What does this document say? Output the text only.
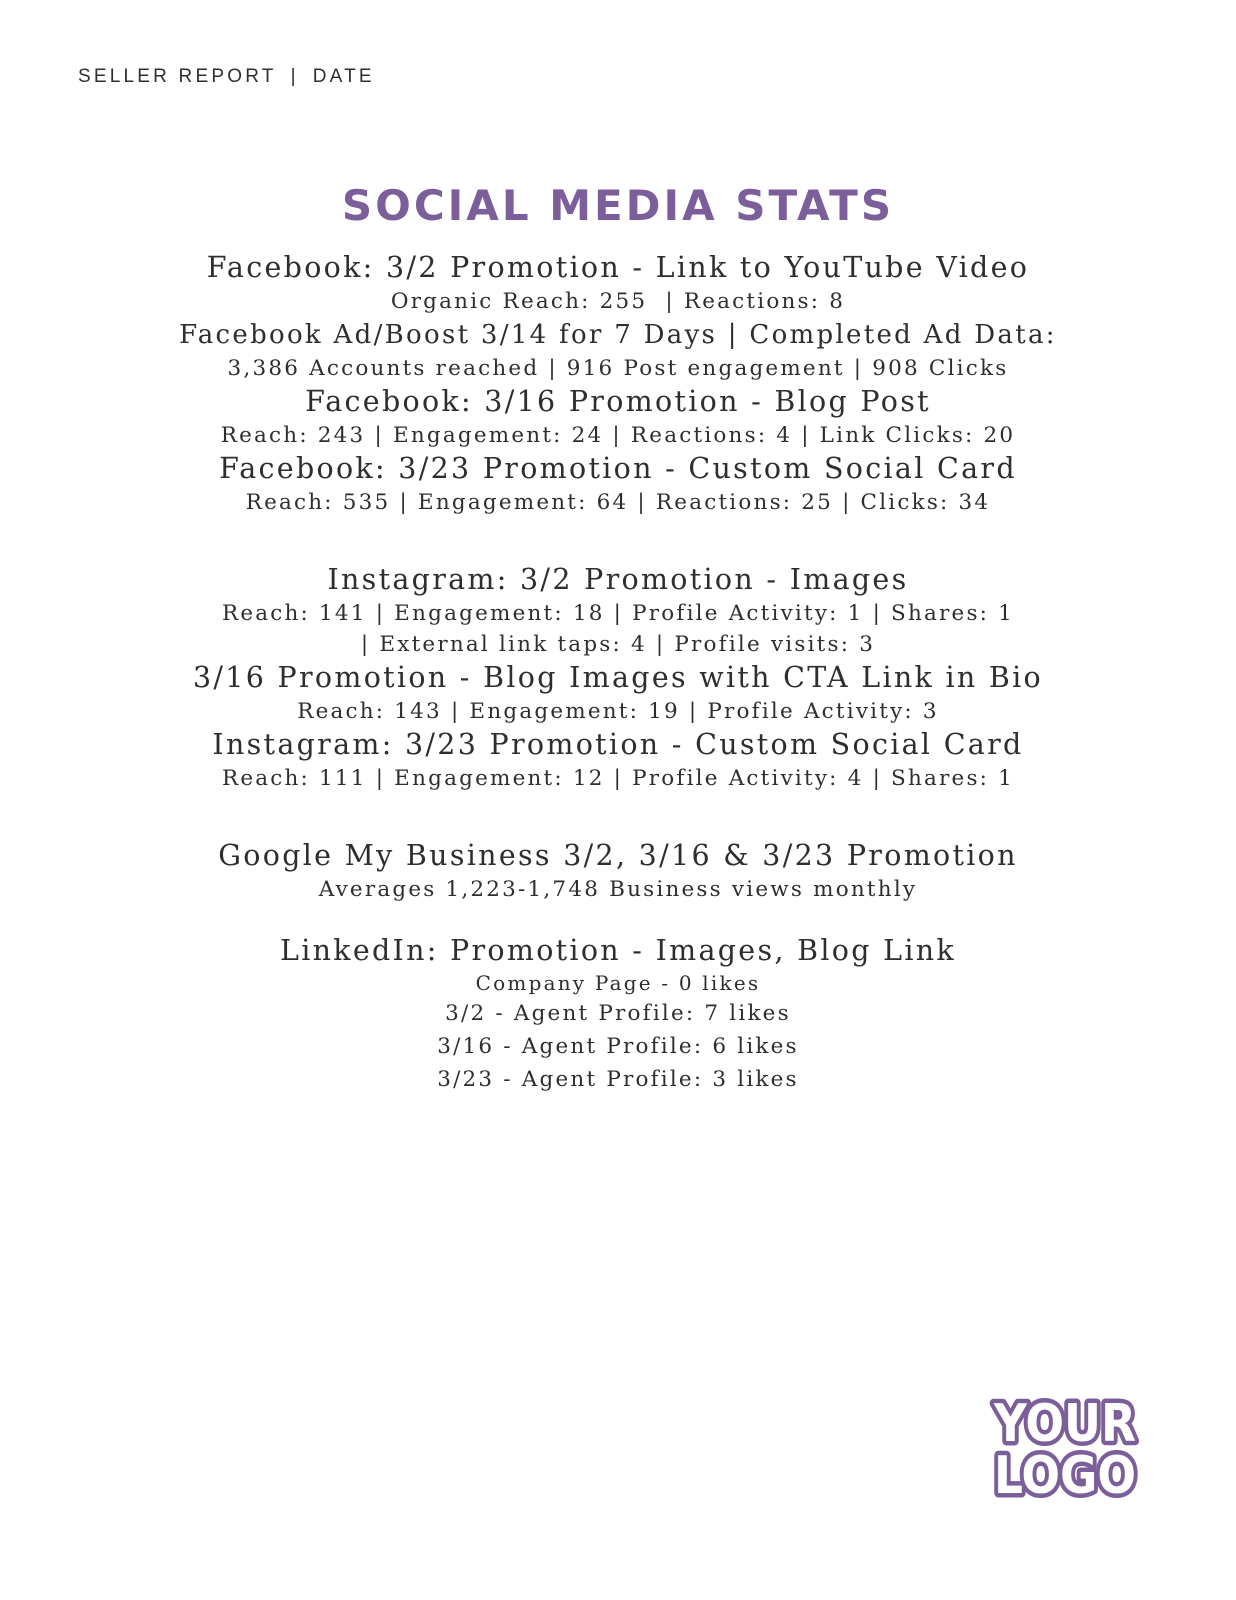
SELLER REPORT | DATE
SOCIAL MEDIA STATS
Facebook: 3/2 Promotion - Link to YouTube Video
Organic Reach: 255  | Reactions: 8
Facebook Ad/Boost 3/14 for 7 Days | Completed Ad Data:
3,386 Accounts reached | 916 Post engagement | 908 Clicks
Facebook: 3/16 Promotion - Blog Post
Reach: 243 | Engagement: 24 | Reactions: 4 | Link Clicks: 20
Facebook: 3/23 Promotion - Custom Social Card
Reach: 535 | Engagement: 64 | Reactions: 25 | Clicks: 34
Instagram: 3/2 Promotion - Images
Reach: 141 | Engagement: 18 | Profile Activity: 1 | Shares: 1
| External link taps: 4 | Profile visits: 3
3/16 Promotion - Blog Images with CTA Link in Bio
Reach: 143 | Engagement: 19 | Profile Activity: 3
Instagram: 3/23 Promotion - Custom Social Card
Reach: 111 | Engagement: 12 | Profile Activity: 4 | Shares: 1
Google My Business 3/2, 3/16 & 3/23 Promotion
Averages 1,223-1,748 Business views monthly
LinkedIn: Promotion - Images, Blog Link
Company Page - 0 likes
3/2 - Agent Profile: 7 likes
3/16 - Agent Profile: 6 likes
3/23 - Agent Profile: 3 likes
YOUR
LOGO
